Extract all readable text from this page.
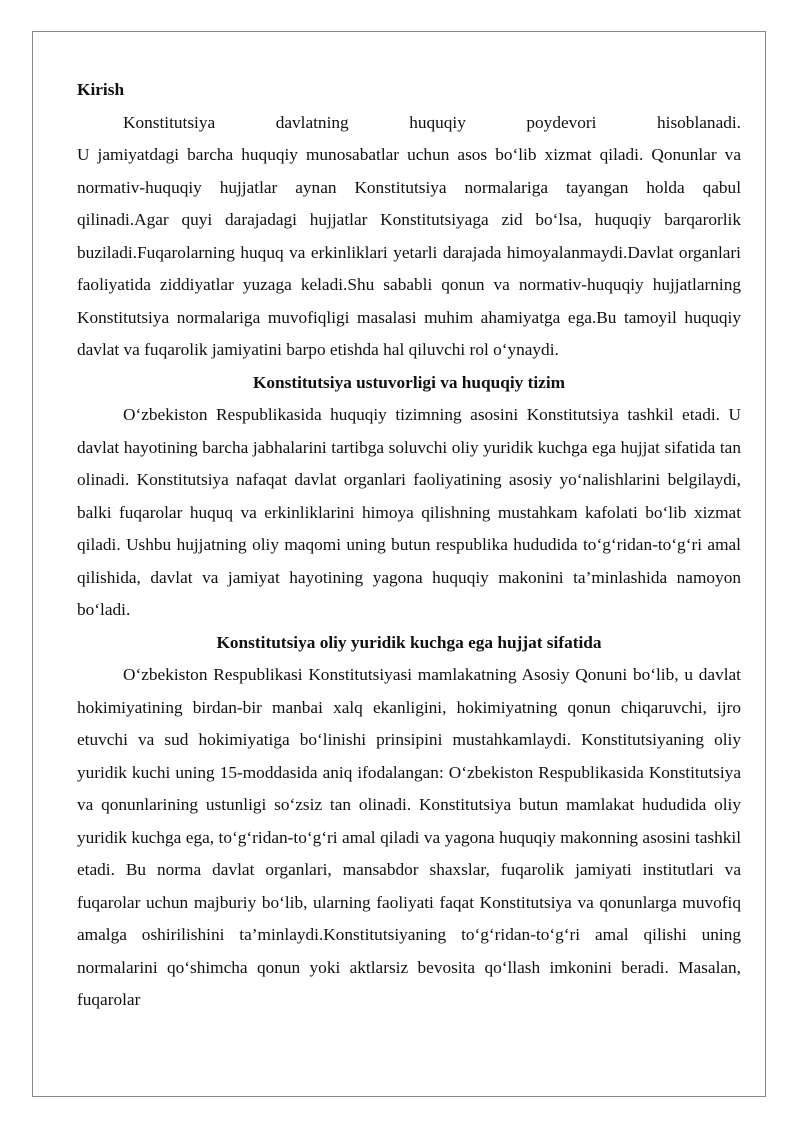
Kirish

Konstitutsiya davlatning huquqiy poydevori hisoblanadi.
U jamiyatdagi barcha huquqiy munosabatlar uchun asos bo‘lib xizmat qiladi. Qonunlar va normativ-huquqiy hujjatlar aynan Konstitutsiya normalariga tayangan holda qabul qilinadi.Agar quyi darajadagi hujjatlar Konstitutsiyaga zid bo‘lsa, huquqiy barqarorlik buziladi.Fuqarolarning huquq va erkinliklari yetarli darajada himoyalanmaydi.Davlat organlari faoliyatida ziddiyatlar yuzaga keladi.Shu sababli qonun va normativ-huquqiy hujjatlarning Konstitutsiya normalariga muvofiqligi masalasi muhim ahamiyatga ega.Bu tamoyil huquqiy davlat va fuqarolik jamiyatini barpo etishda hal qiluvchi rol o‘ynaydi.

Konstitutsiya ustuvorligi va huquqiy tizim

O‘zbekiston Respublikasida huquqiy tizimning asosini Konstitutsiya tashkil etadi. U davlat hayotining barcha jabhalarini tartibga soluvchi oliy yuridik kuchga ega hujjat sifatida tan olinadi. Konstitutsiya nafaqat davlat organlari faoliyatining asosiy yo‘nalishlarini belgilaydi, balki fuqarolar huquq va erkinliklarini himoya qilishning mustahkam kafolati bo‘lib xizmat qiladi. Ushbu hujjatning oliy maqomi uning butun respublika hududida to‘g‘ridan-to‘g‘ri amal qilishida, davlat va jamiyat hayotining yagona huquqiy makonini ta’minlashida namoyon bo‘ladi.

Konstitutsiya oliy yuridik kuchga ega hujjat sifatida

O‘zbekiston Respublikasi Konstitutsiyasi mamlakatning Asosiy Qonuni bo‘lib, u davlat hokimiyatining birdan-bir manbai xalq ekanligini, hokimiyatning qonun chiqaruvchi, ijro etuvchi va sud hokimiyatiga bo‘linishi prinsipini mustahkamlaydi. Konstitutsiyaning oliy yuridik kuchi uning 15-moddasida aniq ifodalangan: O‘zbekiston Respublikasida Konstitutsiya va qonunlarining ustunligi so‘zsiz tan olinadi. Konstitutsiya butun mamlakat hududida oliy yuridik kuchga ega, to‘g‘ridan-to‘g‘ri amal qiladi va yagona huquqiy makonning asosini tashkil etadi. Bu norma davlat organlari, mansabdor shaxslar, fuqarolik jamiyati institutlari va fuqarolar uchun majburiy bo‘lib, ularning faoliyati faqat Konstitutsiya va qonunlarga muvofiq amalga oshirilishini ta’minlaydi.Konstitutsiyaning to‘g‘ridan-to‘g‘ri amal qilishi uning normalarini qo‘shimcha qonun yoki aktlarsiz bevosita qo‘llash imkonini beradi. Masalan, fuqarolar
